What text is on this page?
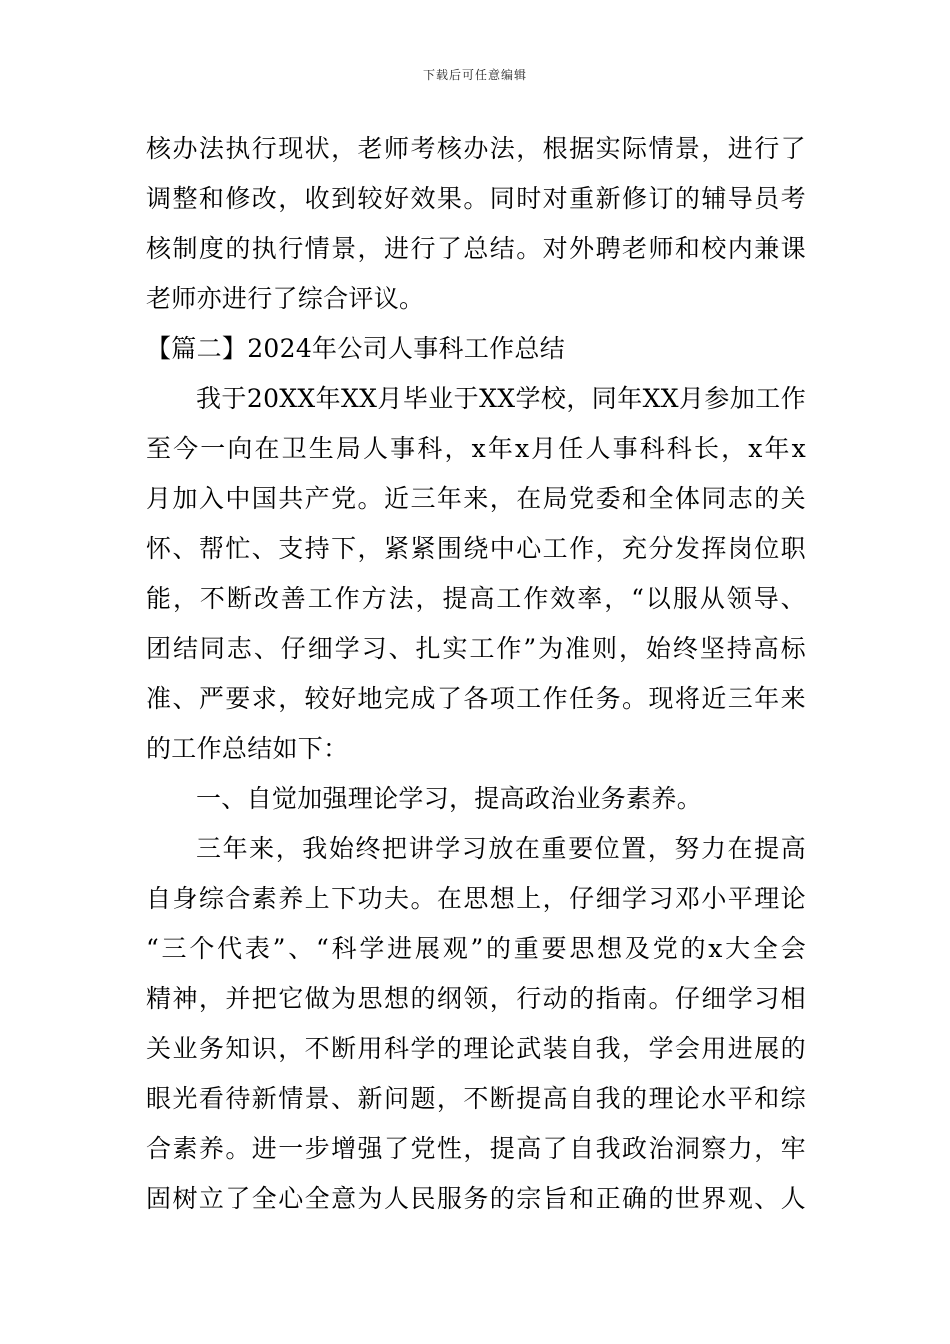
下载后可任意编辑
核办法执行现状，老师考核办法，根据实际情景，进行了
调整和修改，收到较好效果。同时对重新修订的辅导员考
核制度的执行情景，进行了总结。对外聘老师和校内兼课
老师亦进行了综合评议。
【篇二】2024年公司人事科工作总结
我于20XX年XX月毕业于XX学校，同年XX月参加工作
至今一向在卫生局人事科，x年x月任人事科科长，x年x
月加入中国共产党。近三年来，在局党委和全体同志的关
怀、帮忙、支持下，紧紧围绕中心工作，充分发挥岗位职
能，不断改善工作方法，提高工作效率，“以服从领导、
团结同志、仔细学习、扎实工作”为准则，始终坚持高标
准、严要求，较好地完成了各项工作任务。现将近三年来
的工作总结如下：
一、自觉加强理论学习，提高政治业务素养。
三年来，我始终把讲学习放在重要位置，努力在提高
自身综合素养上下功夫。在思想上，仔细学习邓小平理论
“三个代表”、“科学进展观”的重要思想及党的x大全会
精神，并把它做为思想的纲领，行动的指南。仔细学习相
关业务知识，不断用科学的理论武装自我，学会用进展的
眼光看待新情景、新问题，不断提高自我的理论水平和综
合素养。进一步增强了党性，提高了自我政治洞察力，牢
固树立了全心全意为人民服务的宗旨和正确的世界观、人
